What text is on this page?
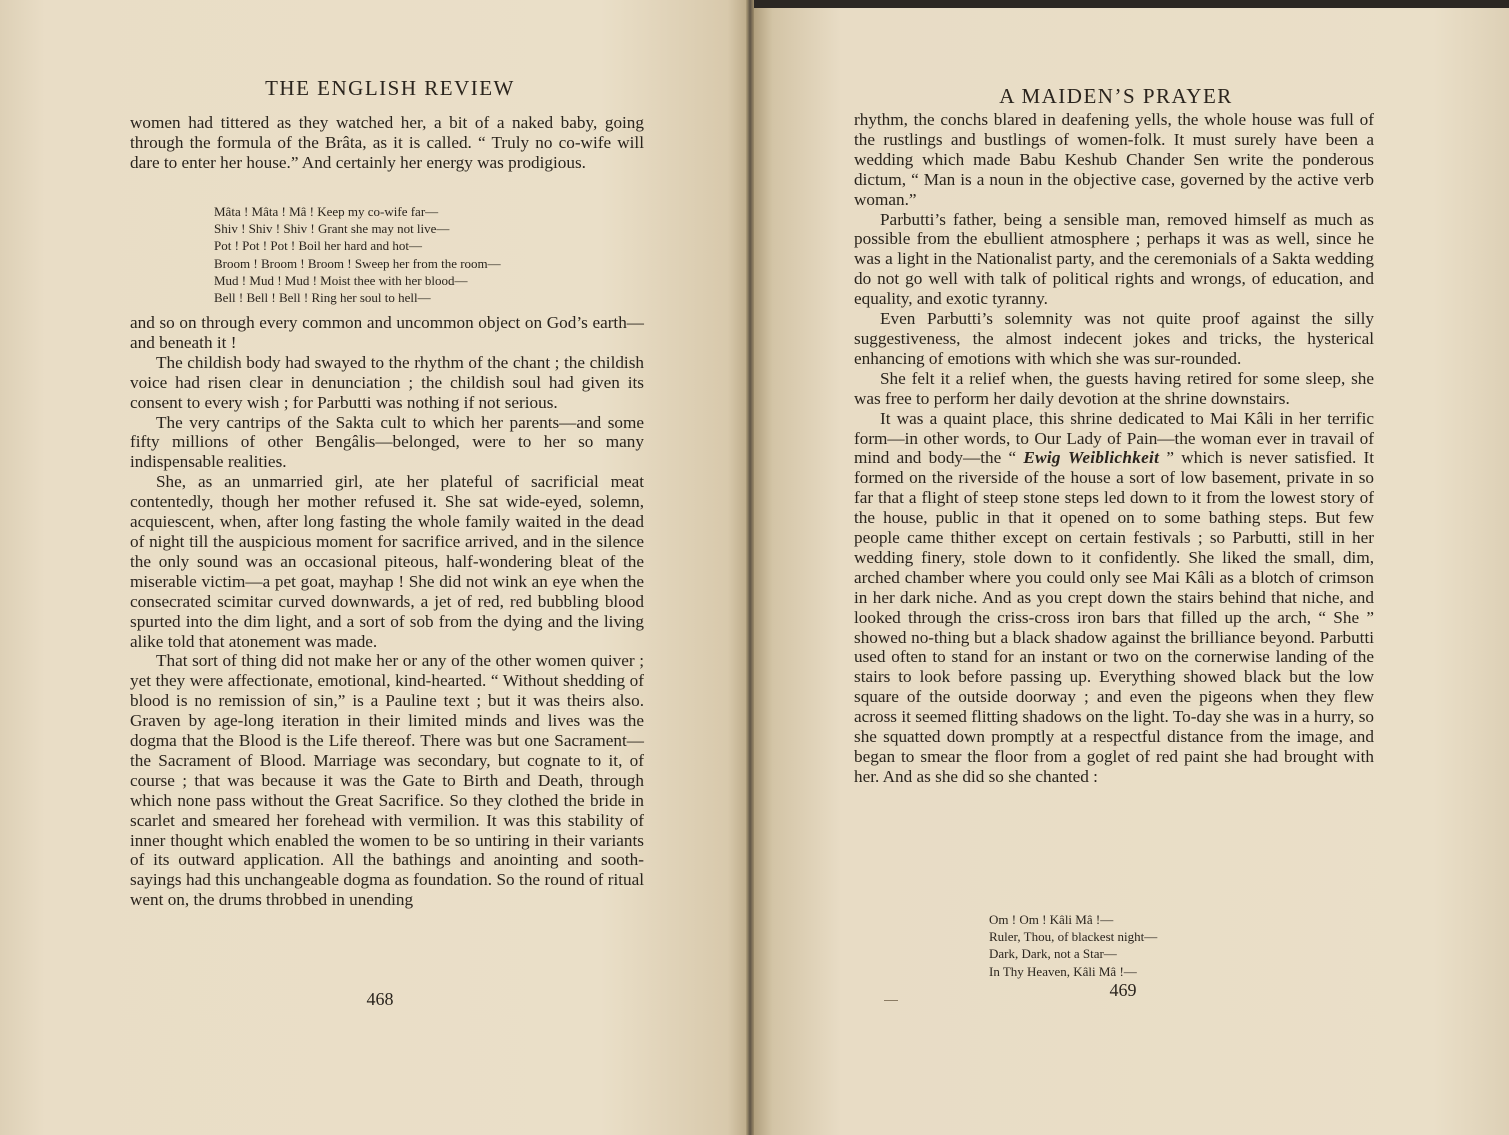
THE ENGLISH REVIEW

women had tittered as they watched her, a bit of a naked baby, going through the formula of the Brâta, as it is called. “ Truly no co-wife will dare to enter her house.” And certainly her energy was prodigious.

Mâta ! Mâta ! Mâ ! Keep my co-wife far—
Shiv ! Shiv ! Shiv ! Grant she may not live—
Pot ! Pot ! Pot ! Boil her hard and hot—
Broom ! Broom ! Broom ! Sweep her from the room—
Mud ! Mud ! Mud ! Moist thee with her blood—
Bell ! Bell ! Bell ! Ring her soul to hell—

and so on through every common and uncommon object on God’s earth—and beneath it !

The childish body had swayed to the rhythm of the chant ; the childish voice had risen clear in denunciation ; the childish soul had given its consent to every wish ; for Parbutti was nothing if not serious.

The very cantrips of the Sakta cult to which her parents—and some fifty millions of other Bengâlis—belonged, were to her so many indispensable realities.

She, as an unmarried girl, ate her plateful of sacrificial meat contentedly, though her mother refused it. She sat wide-eyed, solemn, acquiescent, when, after long fasting the whole family waited in the dead of night till the auspicious moment for sacrifice arrived, and in the silence the only sound was an occasional piteous, half-wondering bleat of the miserable victim—a pet goat, mayhap ! She did not wink an eye when the consecrated scimitar curved downwards, a jet of red, red bubbling blood spurted into the dim light, and a sort of sob from the dying and the living alike told that atonement was made.

That sort of thing did not make her or any of the other women quiver ; yet they were affectionate, emotional, kind-hearted. “ Without shedding of blood is no remission of sin,” is a Pauline text ; but it was theirs also. Graven by age-long iteration in their limited minds and lives was the dogma that the Blood is the Life thereof. There was but one Sacrament—the Sacrament of Blood. Marriage was secondary, but cognate to it, of course ; that was because it was the Gate to Birth and Death, through which none pass without the Great Sacrifice. So they clothed the bride in scarlet and smeared her forehead with vermilion. It was this stability of inner thought which enabled the women to be so untiring in their variants of its outward application. All the bathings and anointing and sooth-sayings had this unchangeable dogma as foundation. So the round of ritual went on, the drums throbbed in unending

468
A MAIDEN’S PRAYER

rhythm, the conchs blared in deafening yells, the whole house was full of the rustlings and bustlings of women-folk. It must surely have been a wedding which made Babu Keshub Chander Sen write the ponderous dictum, “ Man is a noun in the objective case, governed by the active verb woman.”

Parbutti’s father, being a sensible man, removed himself as much as possible from the ebullient atmosphere ; perhaps it was as well, since he was a light in the Nationalist party, and the ceremonials of a Sakta wedding do not go well with talk of political rights and wrongs, of education, and equality, and exotic tyranny.

Even Parbutti’s solemnity was not quite proof against the silly suggestiveness, the almost indecent jokes and tricks, the hysterical enhancing of emotions with which she was sur-rounded.

She felt it a relief when, the guests having retired for some sleep, she was free to perform her daily devotion at the shrine downstairs.

It was a quaint place, this shrine dedicated to Mai Kâli in her terrific form—in other words, to Our Lady of Pain—the woman ever in travail of mind and body—the “ Ewig Weiblichkeit ” which is never satisfied. It formed on the riverside of the house a sort of low basement, private in so far that a flight of steep stone steps led down to it from the lowest story of the house, public in that it opened on to some bathing steps. But few people came thither except on certain festivals ; so Parbutti, still in her wedding finery, stole down to it confidently. She liked the small, dim, arched chamber where you could only see Mai Kâli as a blotch of crimson in her dark niche. And as you crept down the stairs behind that niche, and looked through the criss-cross iron bars that filled up the arch, “ She ” showed no-thing but a black shadow against the brilliance beyond. Parbutti used often to stand for an instant or two on the cornerwise landing of the stairs to look before passing up. Everything showed black but the low square of the outside doorway ; and even the pigeons when they flew across it seemed flitting shadows on the light. To-day she was in a hurry, so she squatted down promptly at a respectful distance from the image, and began to smear the floor from a goglet of red paint she had brought with her. And as she did so she chanted :

Om ! Om ! Kâli Mâ !—
Ruler, Thou, of blackest night—
Dark, Dark, not a Star—
In Thy Heaven, Kâli Mâ !—
469
